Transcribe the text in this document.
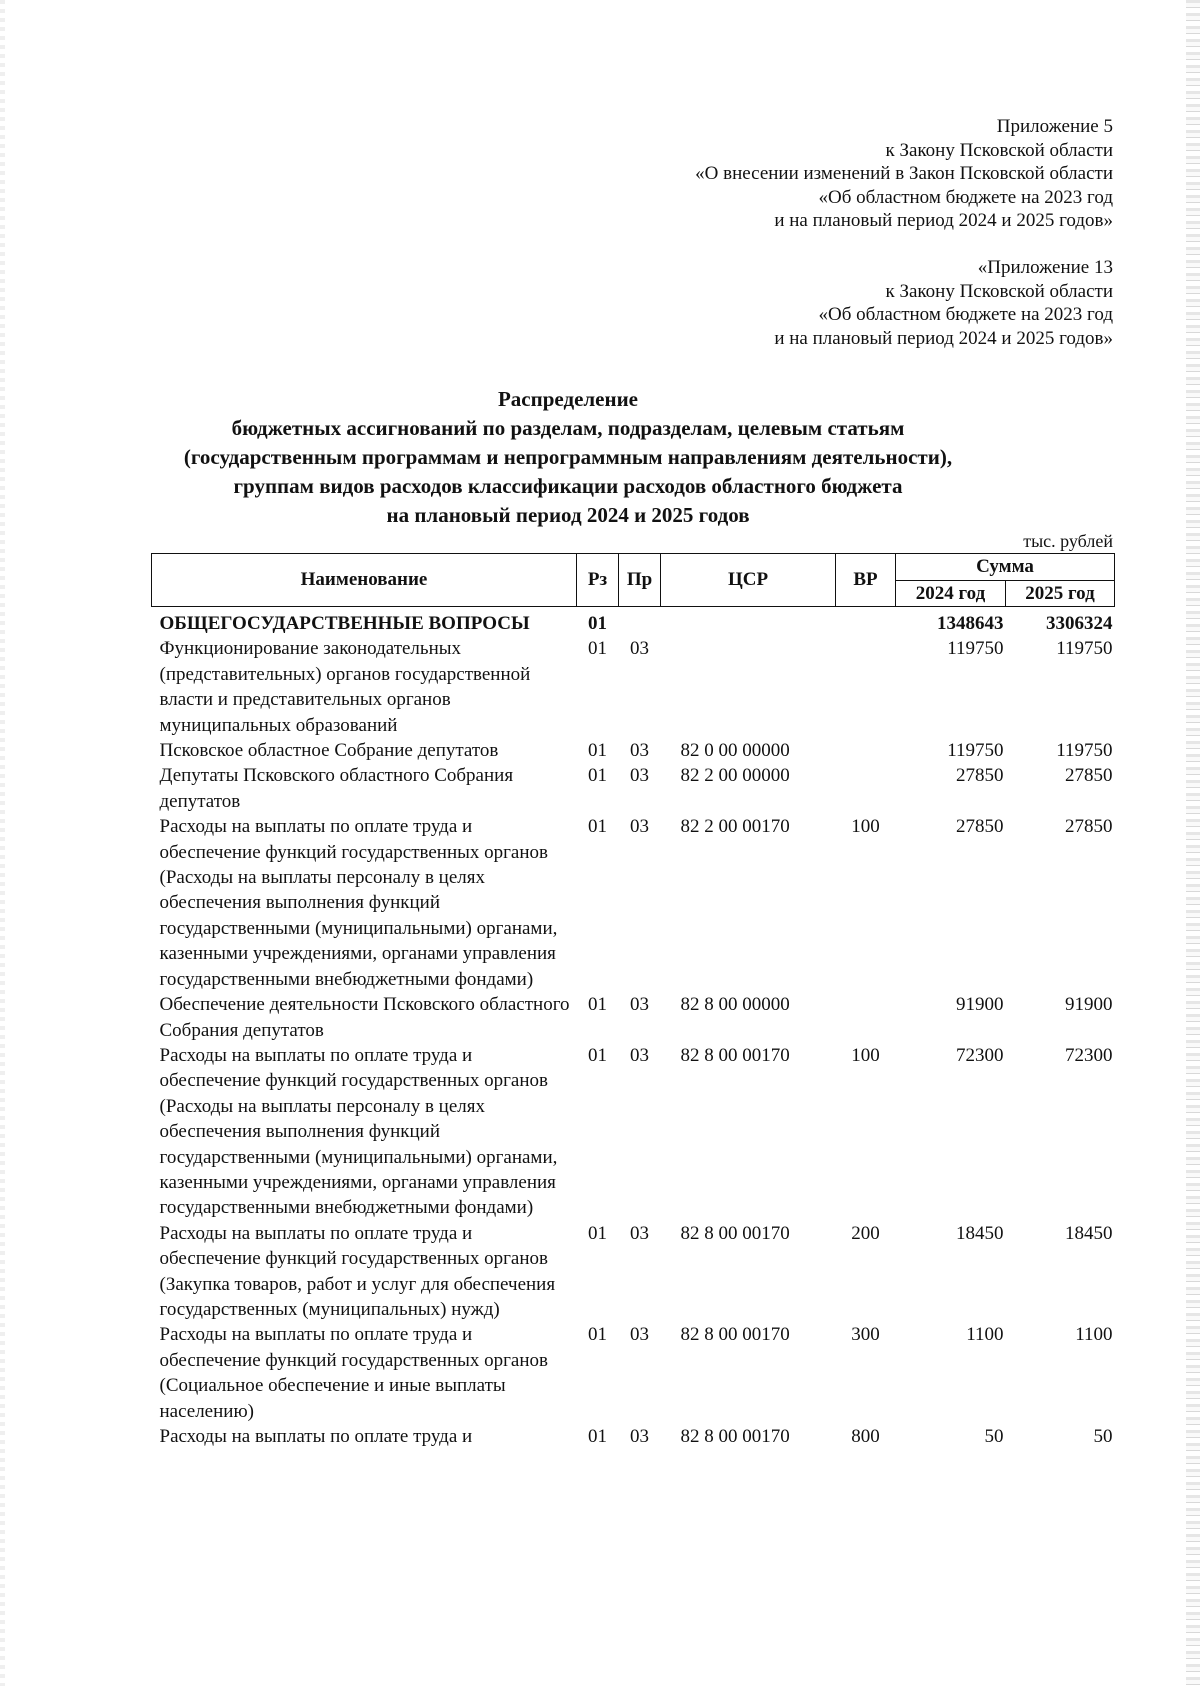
Приложение 5
к Закону Псковской области
«О внесении изменений в Закон Псковской области
«Об областном бюджете на 2023 год
и на плановый период 2024 и 2025 годов»
«Приложение 13
к Закону Псковской области
«Об областном бюджете на 2023 год
и на плановый период 2024 и 2025 годов»
Распределение
бюджетных ассигнований по разделам, подразделам, целевым статьям
(государственным программам и непрограммным направлениям деятельности),
группам видов расходов классификации расходов областного бюджета
на плановый период 2024 и 2025 годов
тыс. рублей
Наименование	Рз	Пр	ЦСР	ВР	Сумма	
					2024 год	2025 год
ОБЩЕГОСУДАРСТВЕННЫЕ ВОПРОСЫ	01				1348643	3306324
Функционирование законодательных (представительных) органов государственной власти и представительных органов муниципальных образований	01	03			119750	119750
Псковское областное Собрание депутатов	01	03	82 0 00 00000		119750	119750
Депутаты Псковского областного Собрания депутатов	01	03	82 2 00 00000		27850	27850
Расходы на выплаты по оплате труда и обеспечение функций государственных органов (Расходы на выплаты персоналу в целях обеспечения выполнения функций государственными (муниципальными) органами, казенными учреждениями, органами управления государственными внебюджетными фондами)	01	03	82 2 00 00170	100	27850	27850
Обеспечение деятельности Псковского областного Собрания депутатов	01	03	82 8 00 00000		91900	91900
Расходы на выплаты по оплате труда и обеспечение функций государственных органов (Расходы на выплаты персоналу в целях обеспечения выполнения функций государственными (муниципальными) органами, казенными учреждениями, органами управления государственными внебюджетными фондами)	01	03	82 8 00 00170	100	72300	72300
Расходы на выплаты по оплате труда и обеспечение функций государственных органов (Закупка товаров, работ и услуг для обеспечения государственных (муниципальных) нужд)	01	03	82 8 00 00170	200	18450	18450
Расходы на выплаты по оплате труда и обеспечение функций государственных органов (Социальное обеспечение и иные выплаты населению)	01	03	82 8 00 00170	300	1100	1100
Расходы на выплаты по оплате труда и	01	03	82 8 00 00170	800	50	50
